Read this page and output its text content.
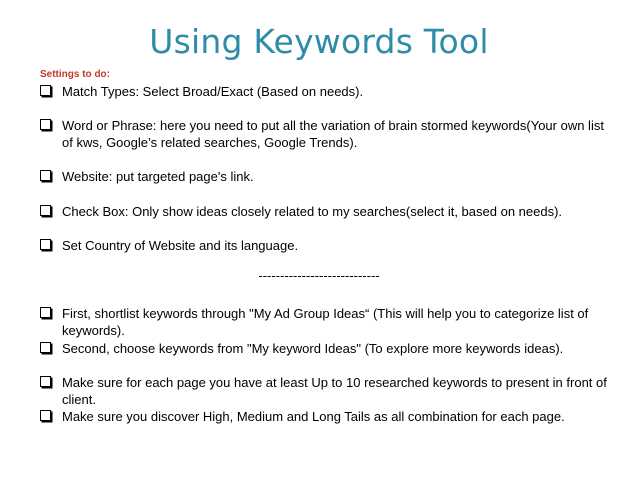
Using Keywords Tool
Settings to do:
Match Types: Select Broad/Exact (Based on needs).
Word or Phrase: here you need to put all the variation of brain stormed keywords(Your own list of kws, Google’s related searches, Google Trends).
Website: put targeted page's link.
Check Box: Only show ideas closely related to my searches(select it, based on needs).
Set Country of Website and its language.
----------------------------
First, shortlist keywords through "My Ad Group Ideas“ (This will help you to categorize list of keywords).
Second, choose keywords from "My keyword Ideas" (To explore more keywords ideas).
Make sure for each page you have at least Up to 10 researched keywords to present in front of client.
Make sure you discover High, Medium and Long Tails as all combination for each page.
